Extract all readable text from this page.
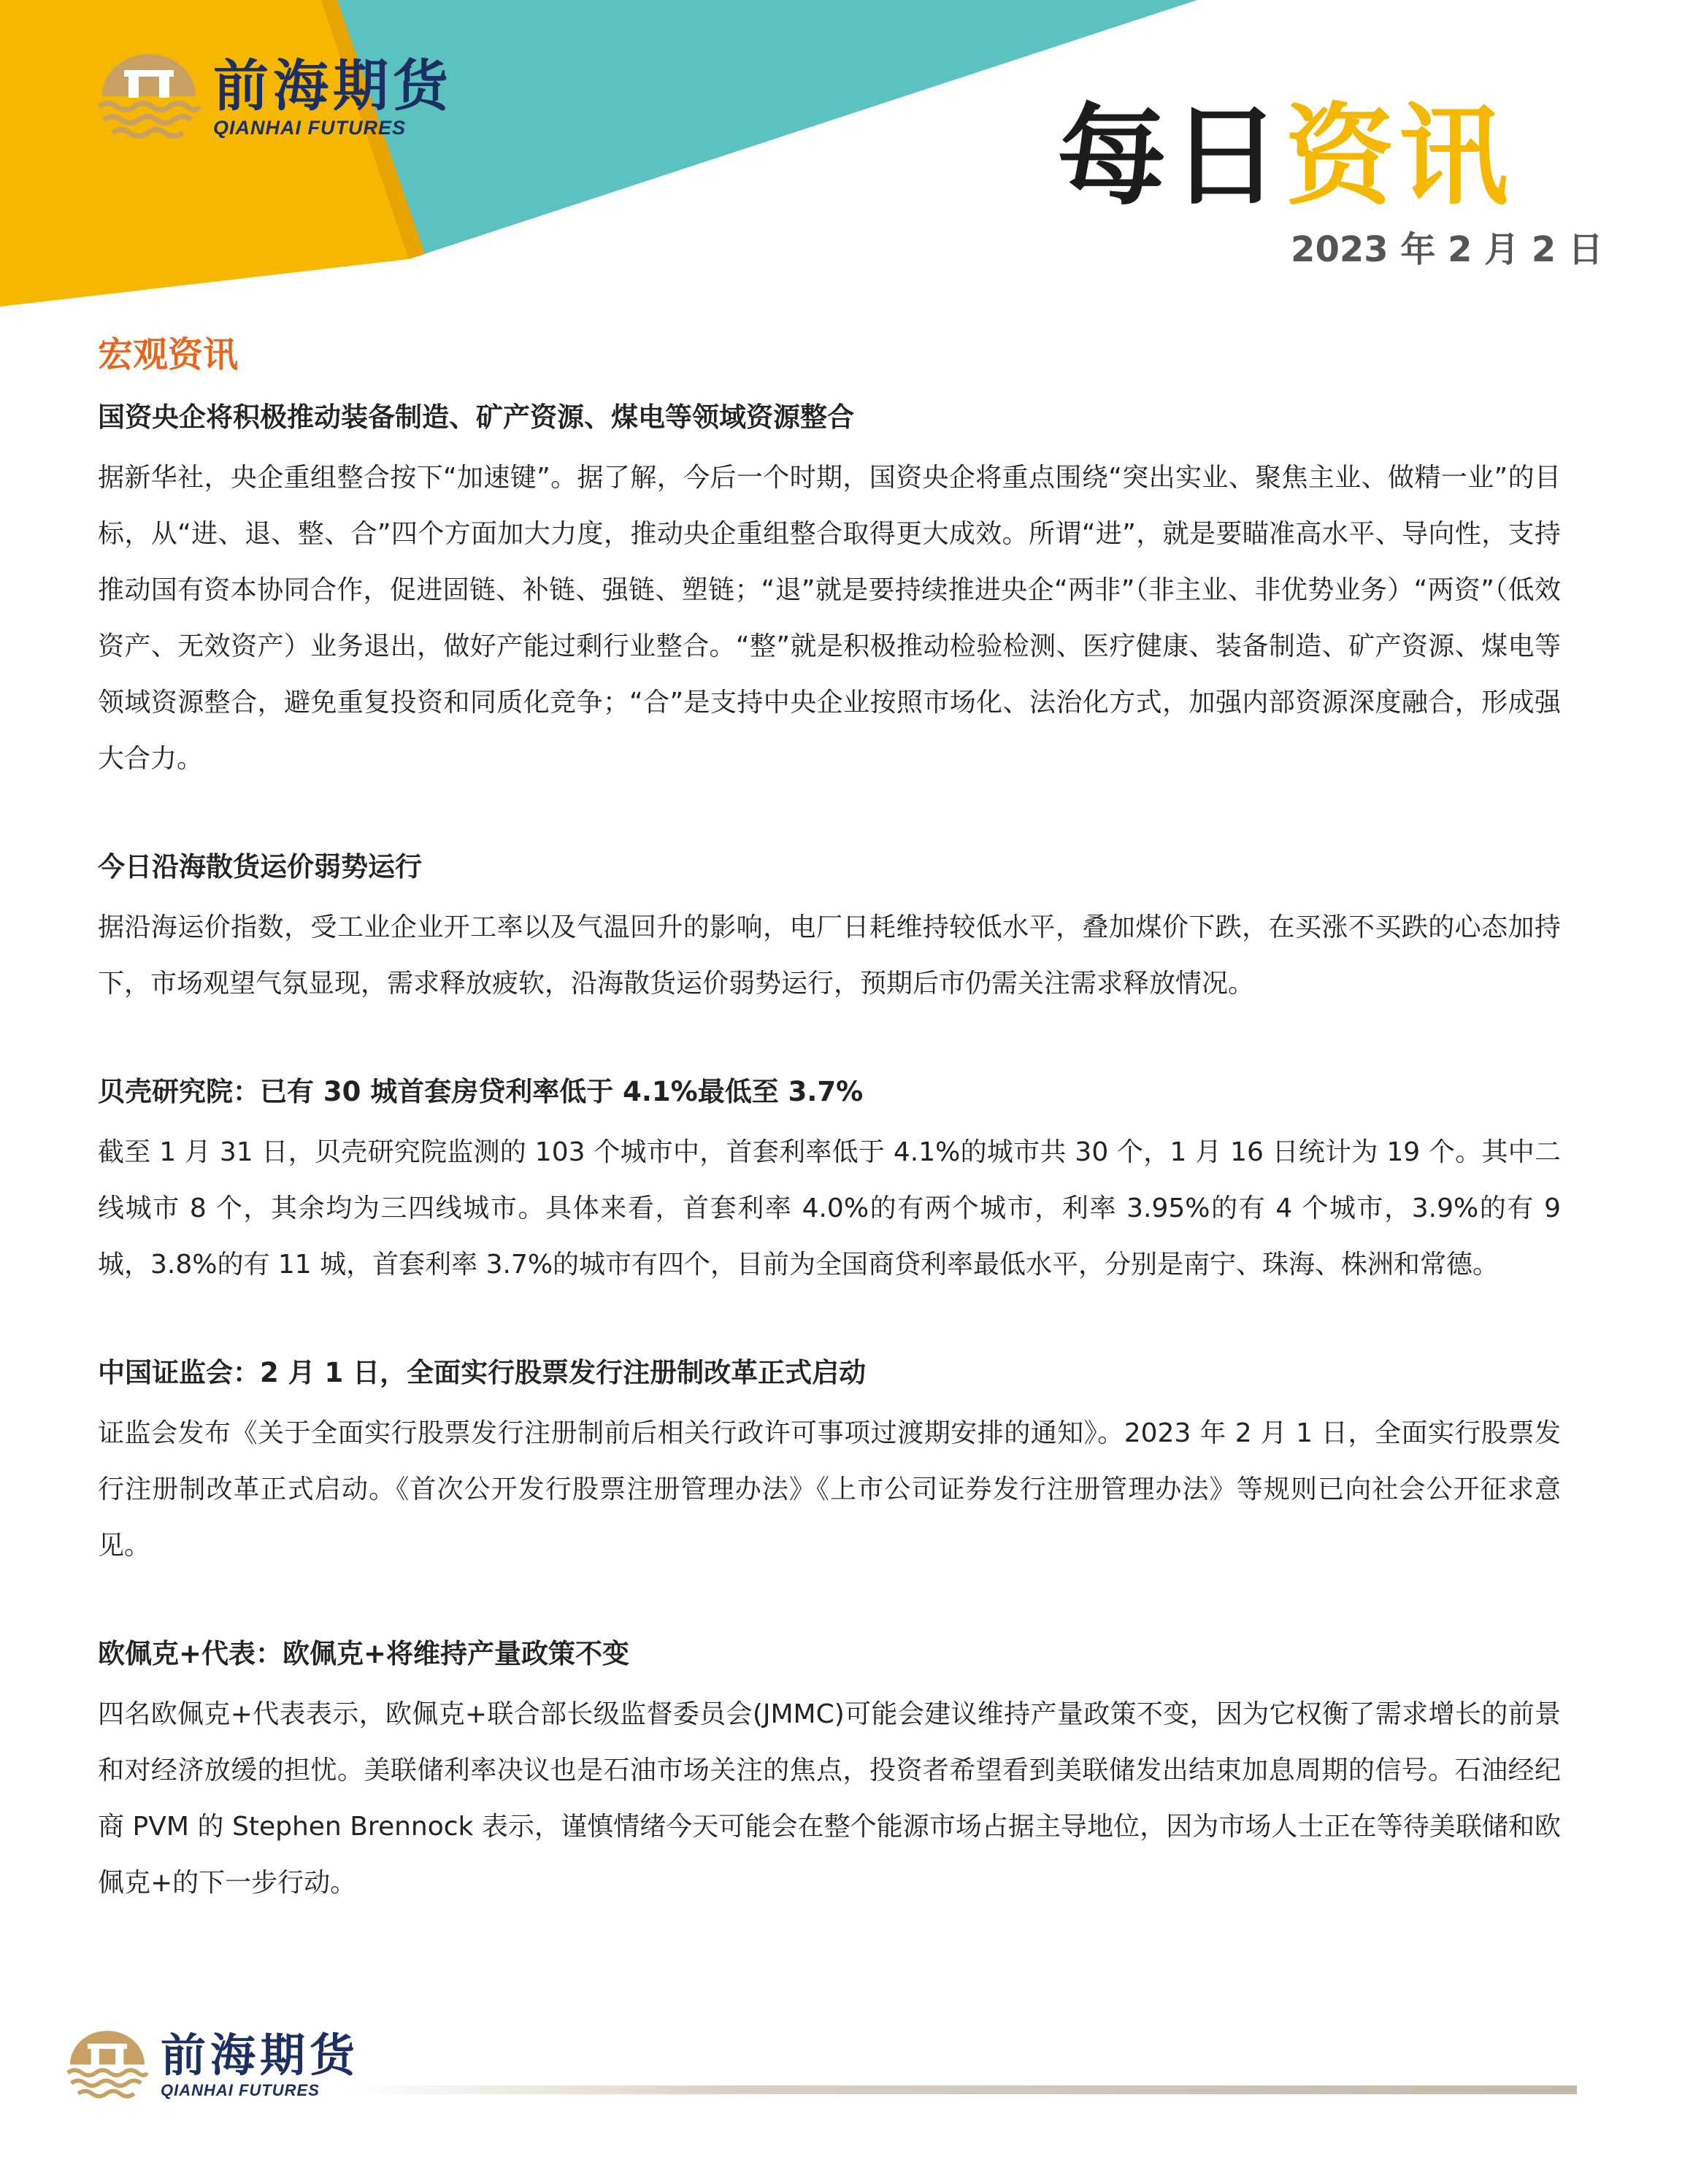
前海期货
QIANHAI FUTURES	每日资讯
2023 年 2 月 2 日
宏观资讯
国资央企将积极推动装备制造、矿产资源、煤电等领域资源整合

据新华社，央企重组整合按下“加速键”。据了解，今后一个时期，国资央企将重点围绕“突出实业、聚焦主业、做精一业”的目标，从“进、退、整、合”四个方面加大力度，推动央企重组整合取得更大成效。所谓“进”，就是要瞄准高水平、导向性，支持推动国有资本协同合作，促进固链、补链、强链、塑链；“退”就是要持续推进央企“两非”（非主业、非优势业务）“两资”（低效资产、无效资产）业务退出，做好产能过剩行业整合。“整”就是积极推动检验检测、医疗健康、装备制造、矿产资源、煤电等领域资源整合，避免重复投资和同质化竞争；“合”是支持中央企业按照市场化、法治化方式，加强内部资源深度融合，形成强大合力。

今日沿海散货运价弱势运行

据沿海运价指数，受工业企业开工率以及气温回升的影响，电厂日耗维持较低水平，叠加煤价下跌，在买涨不买跌的心态加持下，市场观望气氛显现，需求释放疲软，沿海散货运价弱势运行，预期后市仍需关注需求释放情况。

贝壳研究院：已有 30 城首套房贷利率低于 4.1%最低至 3.7%

截至 1 月 31 日，贝壳研究院监测的 103 个城市中，首套利率低于 4.1%的城市共 30 个，1 月 16 日统计为 19 个。其中二线城市 8 个，其余均为三四线城市。具体来看，首套利率 4.0%的有两个城市，利率 3.95%的有 4 个城市，3.9%的有 9 城，3.8%的有 11 城，首套利率 3.7%的城市有四个，目前为全国商贷利率最低水平，分别是南宁、珠海、株洲和常德。

中国证监会：2 月 1 日，全面实行股票发行注册制改革正式启动

证监会发布《关于全面实行股票发行注册制前后相关行政许可事项过渡期安排的通知》。2023 年 2 月 1 日，全面实行股票发行注册制改革正式启动。《首次公开发行股票注册管理办法》《上市公司证券发行注册管理办法》等规则已向社会公开征求意见。

欧佩克+代表：欧佩克+将维持产量政策不变

四名欧佩克+代表表示，欧佩克+联合部长级监督委员会(JMMC)可能会建议维持产量政策不变，因为它权衡了需求增长的前景和对经济放缓的担忧。美联储利率决议也是石油市场关注的焦点，投资者希望看到美联储发出结束加息周期的信号。石油经纪商 PVM 的 Stephen Brennock 表示，谨慎情绪今天可能会在整个能源市场占据主导地位，因为市场人士正在等待美联储和欧佩克+的下一步行动。

前海期货
QIANHAI FUTURES
